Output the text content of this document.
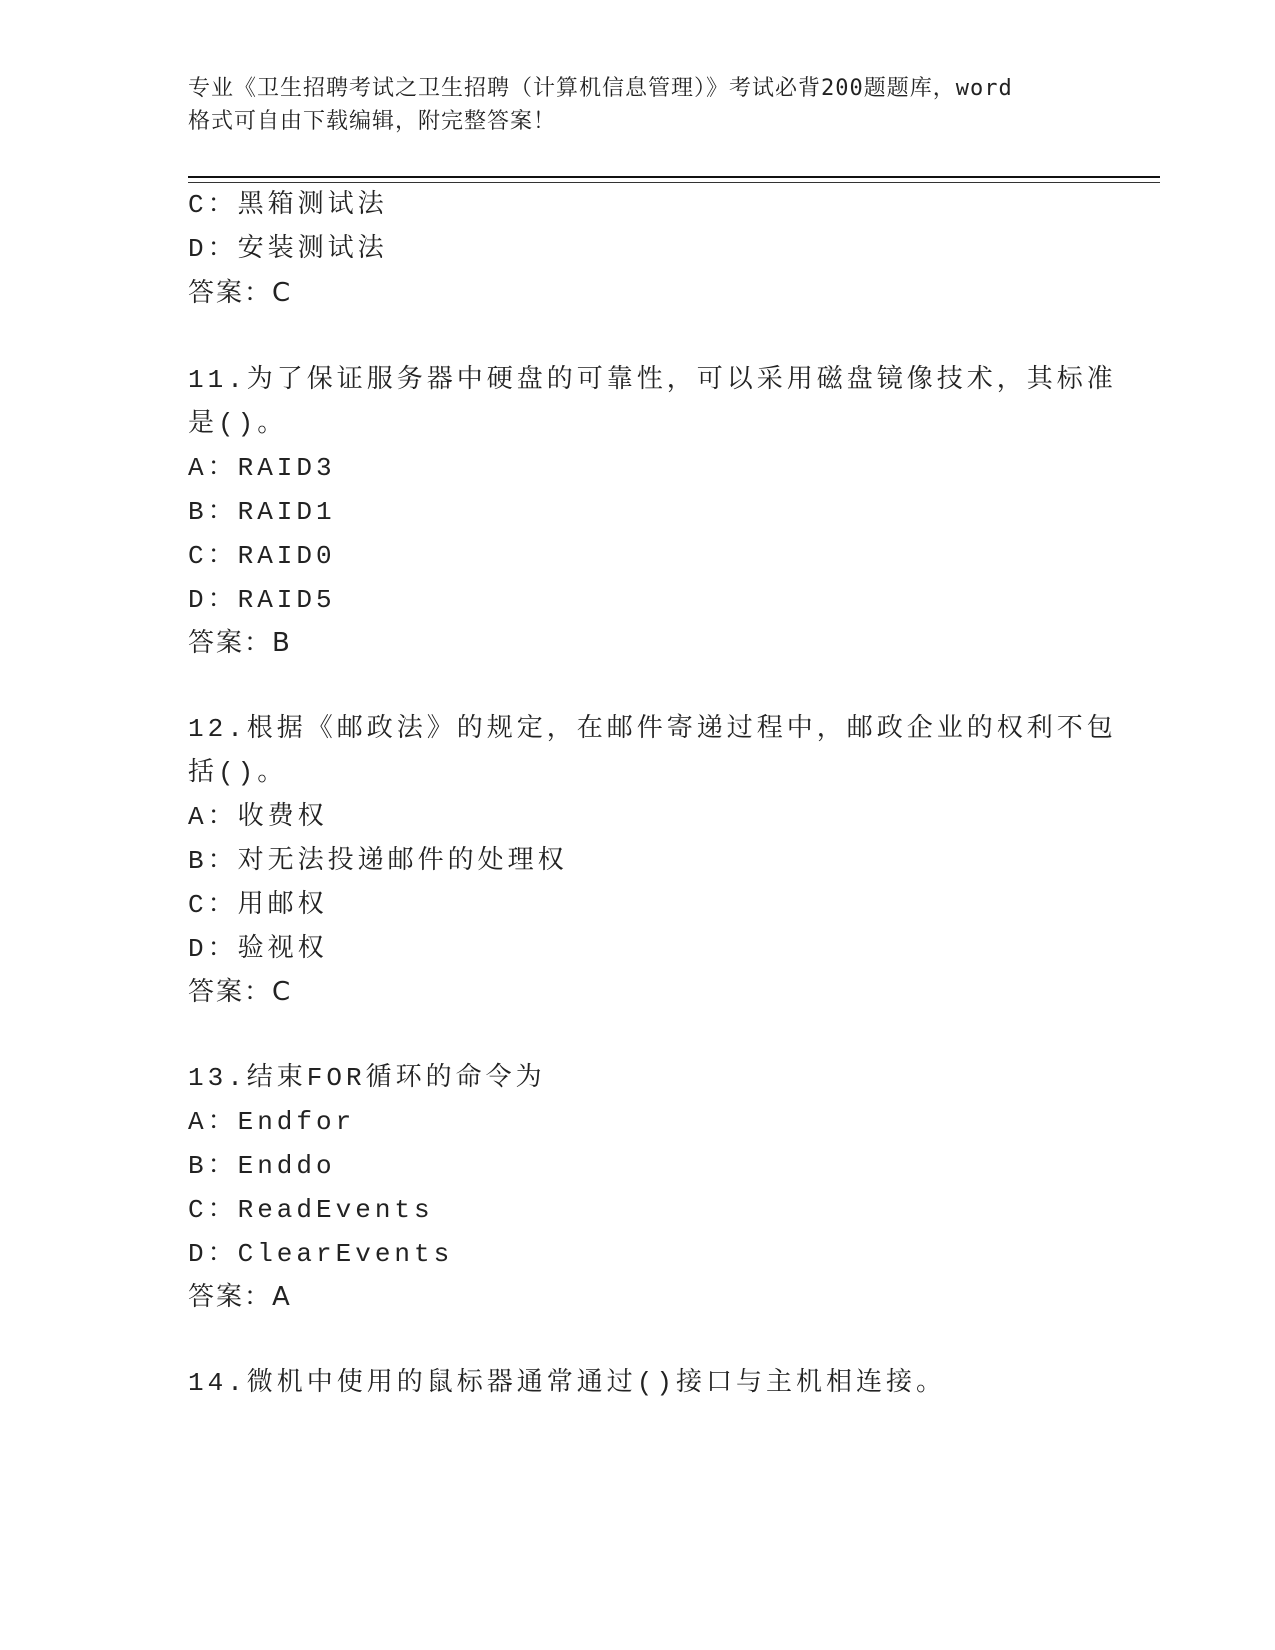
专业《卫生招聘考试之卫生招聘（计算机信息管理）》考试必背200题题库，word
格式可自由下载编辑，附完整答案！
C：黑箱测试法
D：安装测试法
答案：C
11.为了保证服务器中硬盘的可靠性，可以采用磁盘镜像技术，其标准
是()。
A：RAID3
B：RAID1
C：RAID0
D：RAID5
答案：B
12.根据《邮政法》的规定，在邮件寄递过程中，邮政企业的权利不包
括()。
A：收费权
B：对无法投递邮件的处理权
C：用邮权
D：验视权
答案：C
13.结束FOR循环的命令为
A：Endfor
B：Enddo
C：ReadEvents
D：ClearEvents
答案：A
14.微机中使用的鼠标器通常通过()接口与主机相连接。
